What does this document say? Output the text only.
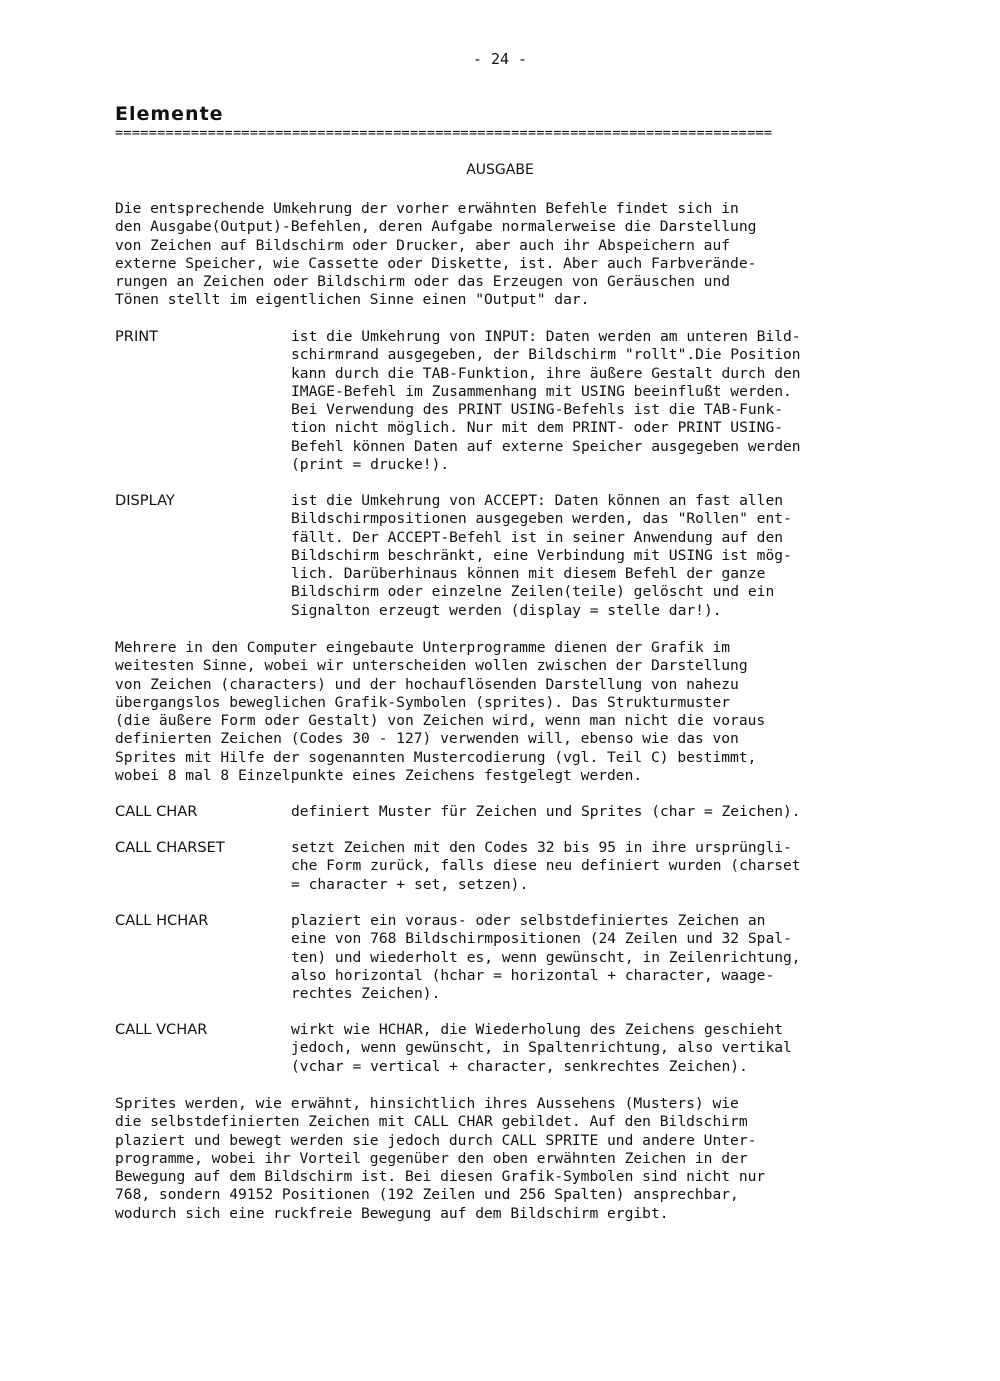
- 24 -
Elemente
==============================================================================
AUSGABE
Die entsprechende Umkehrung der vorher erwähnten Befehle findet sich in
den Ausgabe(Output)-Befehlen, deren Aufgabe normalerweise die Darstellung
von Zeichen auf Bildschirm oder Drucker, aber auch ihr Abspeichern auf
externe Speicher, wie Cassette oder Diskette, ist. Aber auch Farbverände-
rungen an Zeichen oder Bildschirm oder das Erzeugen von Geräuschen und
Tönen stellt im eigentlichen Sinne einen "Output" dar.
PRINT	ist die Umkehrung von INPUT: Daten werden am unteren Bild-
schirmrand ausgegeben, der Bildschirm "rollt".Die Position
kann durch die TAB-Funktion, ihre äußere Gestalt durch den
IMAGE-Befehl im Zusammenhang mit USING beeinflußt werden.
Bei Verwendung des PRINT USING-Befehls ist die TAB-Funk-
tion nicht möglich. Nur mit dem PRINT- oder PRINT USING-
Befehl können Daten auf externe Speicher ausgegeben werden
(print = drucke!).
DISPLAY	ist die Umkehrung von ACCEPT: Daten können an fast allen
Bildschirmpositionen ausgegeben werden, das "Rollen" ent-
fällt. Der ACCEPT-Befehl ist in seiner Anwendung auf den
Bildschirm beschränkt, eine Verbindung mit USING ist mög-
lich. Darüberhinaus können mit diesem Befehl der ganze
Bildschirm oder einzelne Zeilen(teile) gelöscht und ein
Signalton erzeugt werden (display = stelle dar!).
Mehrere in den Computer eingebaute Unterprogramme dienen der Grafik im
weitesten Sinne, wobei wir unterscheiden wollen zwischen der Darstellung
von Zeichen (characters) und der hochauflösenden Darstellung von nahezu
übergangslos beweglichen Grafik-Symbolen (sprites). Das Strukturmuster
(die äußere Form oder Gestalt) von Zeichen wird, wenn man nicht die voraus
definierten Zeichen (Codes 30 - 127) verwenden will, ebenso wie das von
Sprites mit Hilfe der sogenannten Mustercodierung (vgl. Teil C) bestimmt,
wobei 8 mal 8 Einzelpunkte eines Zeichens festgelegt werden.
CALL CHAR	definiert Muster für Zeichen und Sprites (char = Zeichen).
CALL CHARSET	setzt Zeichen mit den Codes 32 bis 95 in ihre ursprüngli-
che Form zurück, falls diese neu definiert wurden (charset
= character + set, setzen).
CALL HCHAR	plaziert ein voraus- oder selbstdefiniertes Zeichen an
eine von 768 Bildschirmpositionen (24 Zeilen und 32 Spal-
ten) und wiederholt es, wenn gewünscht, in Zeilenrichtung,
also horizontal (hchar = horizontal + character, waage-
rechtes Zeichen).
CALL VCHAR	wirkt wie HCHAR, die Wiederholung des Zeichens geschieht
jedoch, wenn gewünscht, in Spaltenrichtung, also vertikal
(vchar = vertical + character, senkrechtes Zeichen).
Sprites werden, wie erwähnt, hinsichtlich ihres Aussehens (Musters) wie
die selbstdefinierten Zeichen mit CALL CHAR gebildet. Auf den Bildschirm
plaziert und bewegt werden sie jedoch durch CALL SPRITE und andere Unter-
programme, wobei ihr Vorteil gegenüber den oben erwähnten Zeichen in der
Bewegung auf dem Bildschirm ist. Bei diesen Grafik-Symbolen sind nicht nur
768, sondern 49152 Positionen (192 Zeilen und 256 Spalten) ansprechbar,
wodurch sich eine ruckfreie Bewegung auf dem Bildschirm ergibt.
